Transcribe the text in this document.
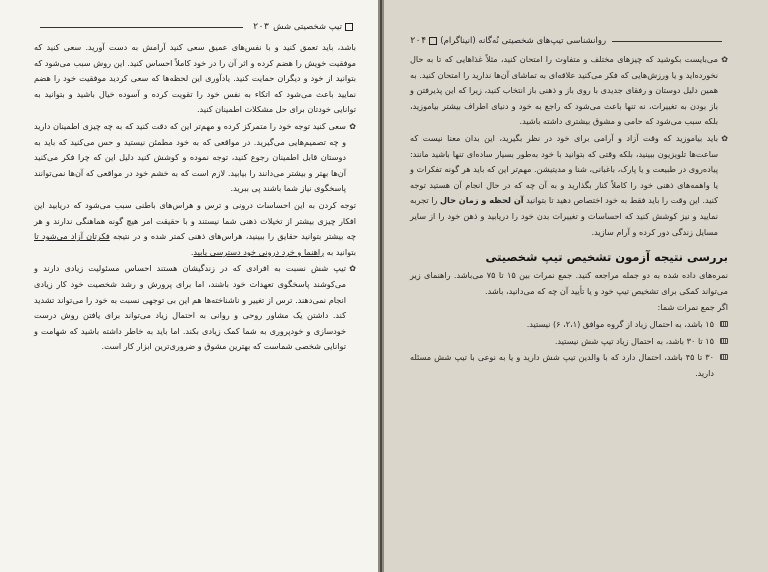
تیپ شخصیتی شش
۲۰۳

باشد، باید تعمق کنید و با نفس‌های عمیق سعی کنید آرامش به دست آورید. سعی کنید که موفقیت خویش را هضم کرده و اثر آن را در خود کاملاً احساس کنید. این روش سبب می‌شود که بتوانید از خود و دیگران حمایت کنید. یادآوری این لحظه‌ها که سعی کردید موفقیت خود را هضم نمایید باعث می‌شود که اتکاء به نفس خود را تقویت کرده و آسوده خیال باشید و بتوانید به توانایی خودتان برای حل مشکلات اطمینان کنید.

✿
سعی کنید توجه خود را متمرکز کرده و مهم‌تر این که دقت کنید که به چه چیزی اطمینان دارید و چه تصمیم‌هایی می‌گیرید. در مواقعی که به خود مطمئن نیستید و حس می‌کنید که باید به دوستان قابل اطمینان رجوع کنید، توجه نموده و کوشش کنید دلیل این که چرا فکر می‌کنید آن‌ها بهتر و بیشتر می‌دانند را بیابید. لازم است که به خشم خود در مواقعی که آن‌ها نمی‌توانند پاسخگوی نیاز شما باشند پی ببرید.

توجه کردن به این احساسات درونی و ترس و هراس‌های باطنی سبب می‌شود که دریابید این افکار چیزی بیشتر از تخیلات ذهنی شما نیستند و با حقیقت امر هیچ گونه هماهنگی ندارند و هر چه بیشتر بتوانید حقایق را ببینید، هراس‌های ذهنی کمتر شده و در نتیجه فکرتان آزاد می‌شود تا بتوانید به راهنما و خرد درونی خود دسترسی یابید.

✿
تیپ شش نسبت به افرادی که در زندگیشان هستند احساس مسئولیت زیادی دارند و می‌کوشند پاسخگوی تعهدات خود باشند، اما برای پرورش و رشد شخصیت خود کار زیادی انجام نمی‌دهند. ترس از تغییر و ناشناخته‌ها هم این بی توجهی نسبت به خود را می‌تواند تشدید کند. داشتن یک مشاور روحی و روانی به احتمال زیاد می‌تواند برای یافتن روش درست خودسازی و خودپروری به شما کمک زیادی بکند. اما باید به خاطر داشته باشید که شهامت و توانایی شخصی شماست که بهترین مشوق و ضروری‌ترین ابزار کار است.

روانشناسی تیپ‌های شخصیتی نُه‌گانه (انیناگرام)
۲۰۴

✿
می‌بایست بکوشید که چیزهای مختلف و متفاوت را امتحان کنید، مثلاً غذاهایی که تا به حال نخورده‌اید و یا ورزش‌هایی که فکر می‌کنید علاقه‌ای به تماشای آن‌ها ندارید را امتحان کنید. به همین دلیل دوستان و رفقای جدیدی با روی باز و ذهنی باز انتخاب کنید، زیرا که این پذیرفتن و باز بودن به تغییرات، نه تنها باعث می‌شود که راجع به خود و دنیای اطراف بیشتر بیاموزید، بلکه سبب می‌شود که حامی و مشوق بیشتری داشته باشید.

✿
باید بیاموزید که وقت آزاد و آرامی برای خود در نظر بگیرید، این بدان معنا نیست که ساعت‌ها تلویزیون ببینید، بلکه وقتی که بتوانید با خود به‌طور بسیار ساده‌ای تنها باشید مانند: پیاده‌روی در طبیعت و یا پارک، باغبانی، شنا و مدیتیشن. مهم‌تر این که باید هر گونه تفکرات و یا واهمه‌های ذهنی خود را کاملاً کنار بگذارید و به آن چه که در حال انجام آن هستید توجه کنید. این وقت را باید فقط به خود اختصاص دهید تا بتوانید آن لحظه و زمان حال را تجربه نمایید و نیز کوشش کنید که احساسات و تغییرات بدن خود را دریابید و ذهن خود را از سایر مسایل زندگی دور کرده و آرام سازید.

بررسی نتیجه آزمون تشخیص تیپ شخصیتی

نمره‌های داده شده به دو جمله مراجعه کنید. جمع نمرات بین ۱۵ تا ۷۵ می‌باشد. راهنمای زیر می‌تواند کمکی برای تشخیص تیپ خود و یا تأیید آن چه که می‌دانید، باشد.

اگر جمع نمرات شما:

۱۵ باشد، به احتمال زیاد از گروه موافق (۲،۱، ۶) نیستید.

۱۵ تا ۳۰ باشد، به احتمال زیاد تیپ شش نیستید.

۳۰ تا ۴۵ باشد، احتمال دارد که با والدین تیپ شش دارید و یا به نوعی با تیپ شش مسئله دارید.
